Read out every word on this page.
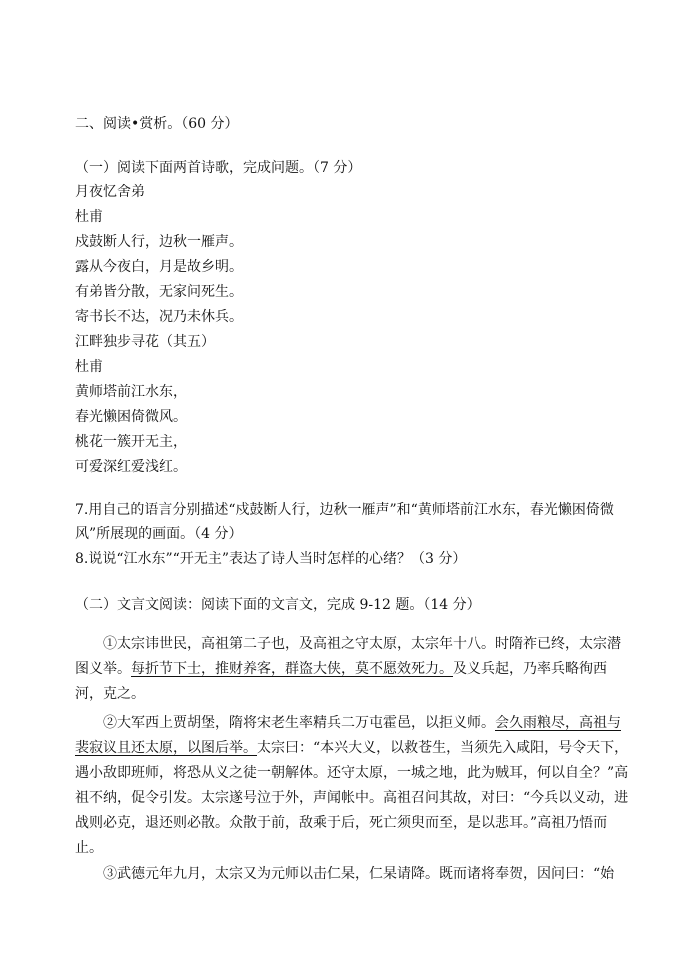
二、阅读•赏析。（60 分）
（一）阅读下面两首诗歌，完成问题。（7 分）
月夜忆舍弟
杜甫
戍鼓断人行，边秋一雁声。
露从今夜白，月是故乡明。
有弟皆分散，无家问死生。
寄书长不达，况乃未休兵。
江畔独步寻花（其五）
杜甫
黄师塔前江水东，
春光懒困倚微风。
桃花一簇开无主，
可爱深红爱浅红。
7.用自己的语言分别描述“戍鼓断人行，边秋一雁声”和“黄师塔前江水东，春光懒困倚微风”所展现的画面。（4 分）
8.说说“江水东”“开无主”表达了诗人当时怎样的心绪？（3 分）
（二）文言文阅读：阅读下面的文言文，完成 9-12 题。（14 分）
①太宗讳世民，高祖第二子也，及高祖之守太原，太宗年十八。时隋祚已终，太宗潜图义举。每折节下士，推财养客，群盗大侠，莫不愿效死力。及义兵起，乃率兵略徇西河，克之。
②大军西上贾胡堡，隋将宋老生率精兵二万屯霍邑，以拒义师。会久雨粮尽，高祖与裴寂议且还太原，以图后举。太宗曰：“本兴大义，以救苍生，当须先入咸阳，号令天下，遇小敌即班师，将恐从义之徒一朝解体。还守太原，一城之地，此为贼耳，何以自全？”高祖不纳，促令引发。太宗遂号泣于外，声闻帐中。高祖召问其故，对曰：“今兵以义动，进战则必克，退还则必散。众散于前，敌乘于后，死亡须臾而至，是以悲耳。”高祖乃悟而止。
③武德元年九月，太宗又为元师以击仁杲，仁杲请降。既而诸将奉贺，因问曰：“始
